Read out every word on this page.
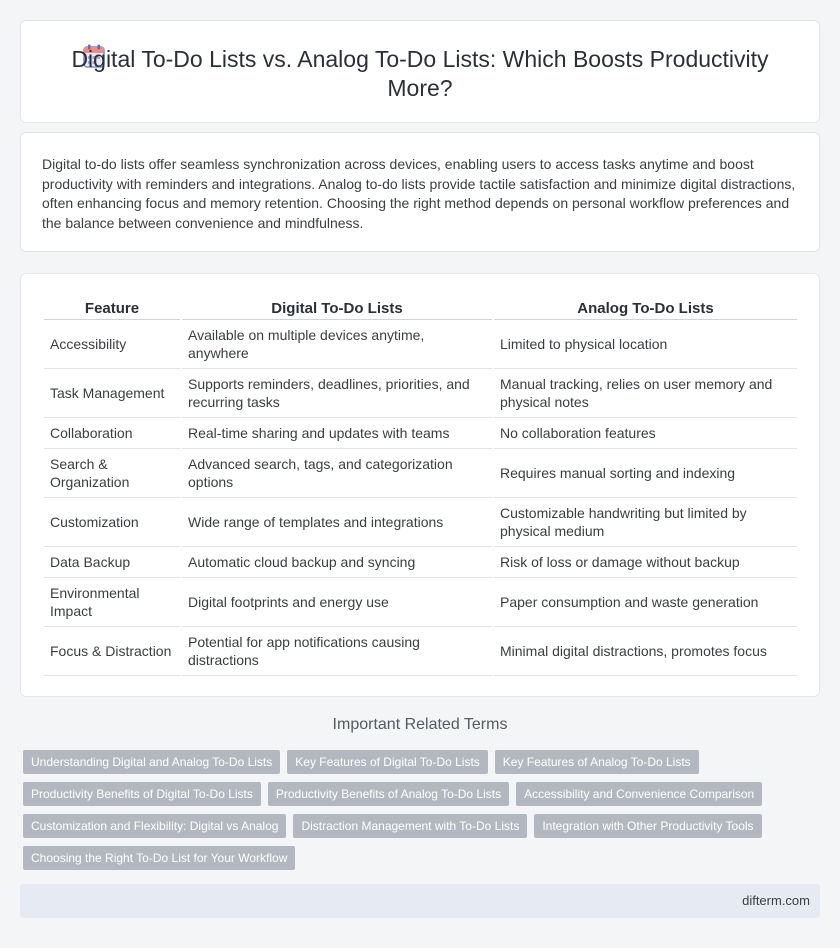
Digital To-Do Lists vs. Analog To-Do Lists: Which Boosts Productivity More?

Digital to-do lists offer seamless synchronization across devices, enabling users to access tasks anytime and boost productivity with reminders and integrations. Analog to-do lists provide tactile satisfaction and minimize digital distractions, often enhancing focus and memory retention. Choosing the right method depends on personal workflow preferences and the balance between convenience and mindfulness.

Feature	Digital To-Do Lists	Analog To-Do Lists
Accessibility	Available on multiple devices anytime, anywhere	Limited to physical location
Task Management	Supports reminders, deadlines, priorities, and recurring tasks	Manual tracking, relies on user memory and physical notes
Collaboration	Real-time sharing and updates with teams	No collaboration features
Search & Organization	Advanced search, tags, and categorization options	Requires manual sorting and indexing
Customization	Wide range of templates and integrations	Customizable handwriting but limited by physical medium
Data Backup	Automatic cloud backup and syncing	Risk of loss or damage without backup
Environmental Impact	Digital footprints and energy use	Paper consumption and waste generation
Focus & Distraction	Potential for app notifications causing distractions	Minimal digital distractions, promotes focus
Important Related Terms
Understanding Digital and Analog To-Do Lists	Key Features of Digital To-Do Lists	Key Features of Analog To-Do Lists
Productivity Benefits of Digital To-Do Lists	Productivity Benefits of Analog To-Do Lists	Accessibility and Convenience Comparison
Customization and Flexibility: Digital vs Analog	Distraction Management with To-Do Lists	Integration with Other Productivity Tools
Choosing the Right To-Do List for Your Workflow
difterm.com
